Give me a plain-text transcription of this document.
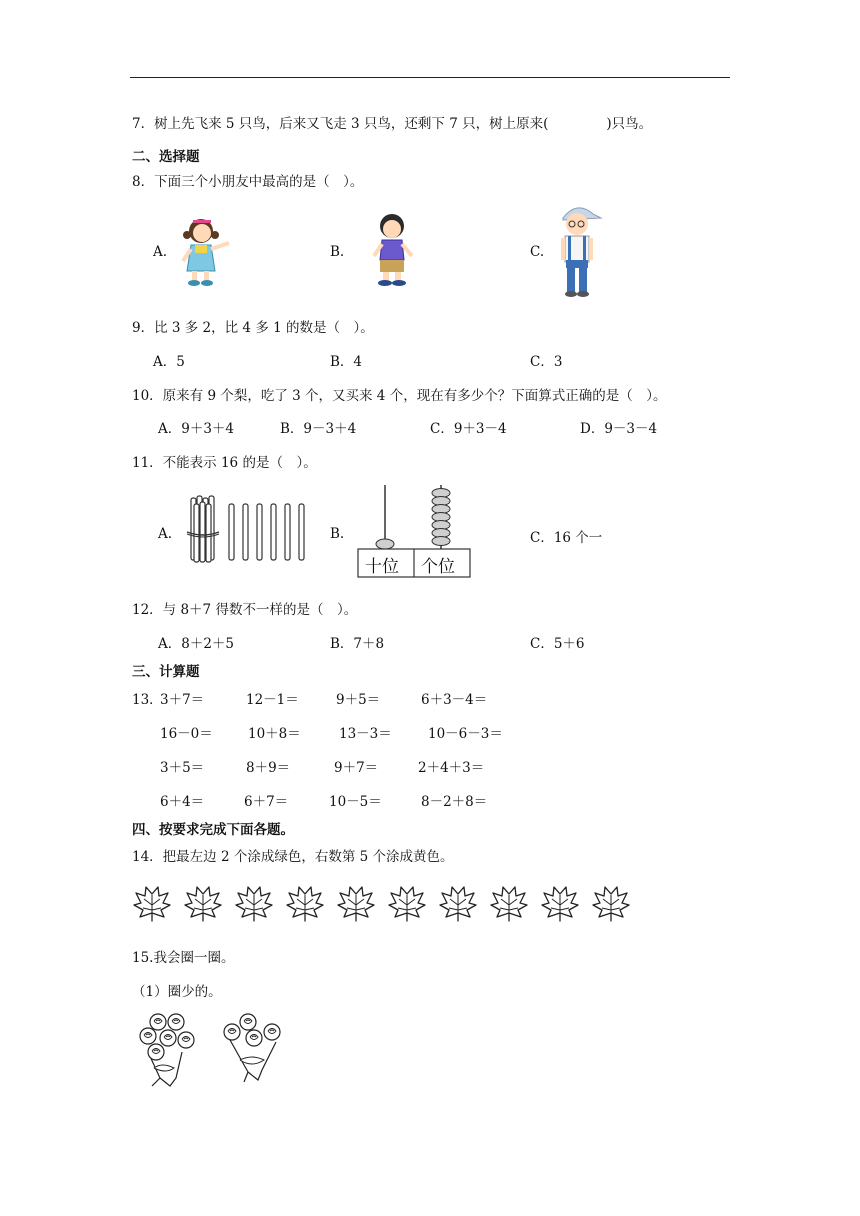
7．树上先飞来 5 只鸟，后来又飞走 3 只鸟，还剩下 7 只，树上原来(	)只鸟。
二、选择题
8．下面三个小朋友中最高的是（　）。
A.	B.	C.
9．比 3 多 2，比 4 多 1 的数是（　）。
A．5	B．4	C．3
10．原来有 9 个梨，吃了 3 个，又买来 4 个，现在有多少个？下面算式正确的是（　）。
A．9＋3＋4	B．9－3＋4	C．9＋3－4	D．9－3－4
11．不能表示 16 的是（　）。
A.	B.	C．16 个一
十位 个位
12．与 8＋7 得数不一样的是（　）。
A．8＋2＋5	B．7＋8	C．5＋6
三、计算题
13．
3＋7＝	12－1＝	9＋5＝	6＋3－4＝
16－0＝	10＋8＝	13－3＝	10－6－3＝
3＋5＝	8＋9＝	9＋7＝	2＋4＋3＝
6＋4＝	6＋7＝	10－5＝	8－2＋8＝
四、按要求完成下面各题。
14．把最左边 2 个涂成绿色，右数第 5 个涂成黄色。
15.我会圈一圈。
（1）圈少的。
